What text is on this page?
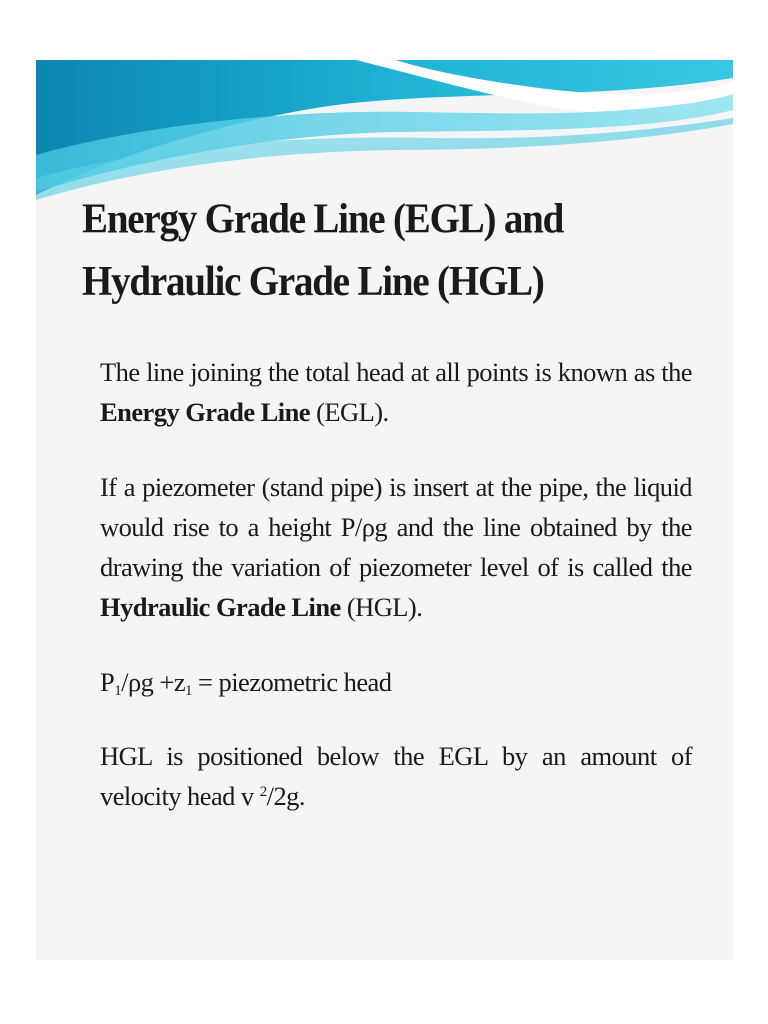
Energy Grade Line (EGL) and
Hydraulic Grade Line (HGL)

The line joining the total head at all points is known as the Energy Grade Line (EGL).

If a piezometer (stand pipe) is insert at the pipe, the liquid would rise to a height P/ρg and the line obtained by the drawing the variation of piezometer level of is called the Hydraulic Grade Line (HGL).

$P_1/\rho g +z_1$ = piezometric head

HGL is positioned below the EGL by an amount of velocity head v $^2$/2g.
